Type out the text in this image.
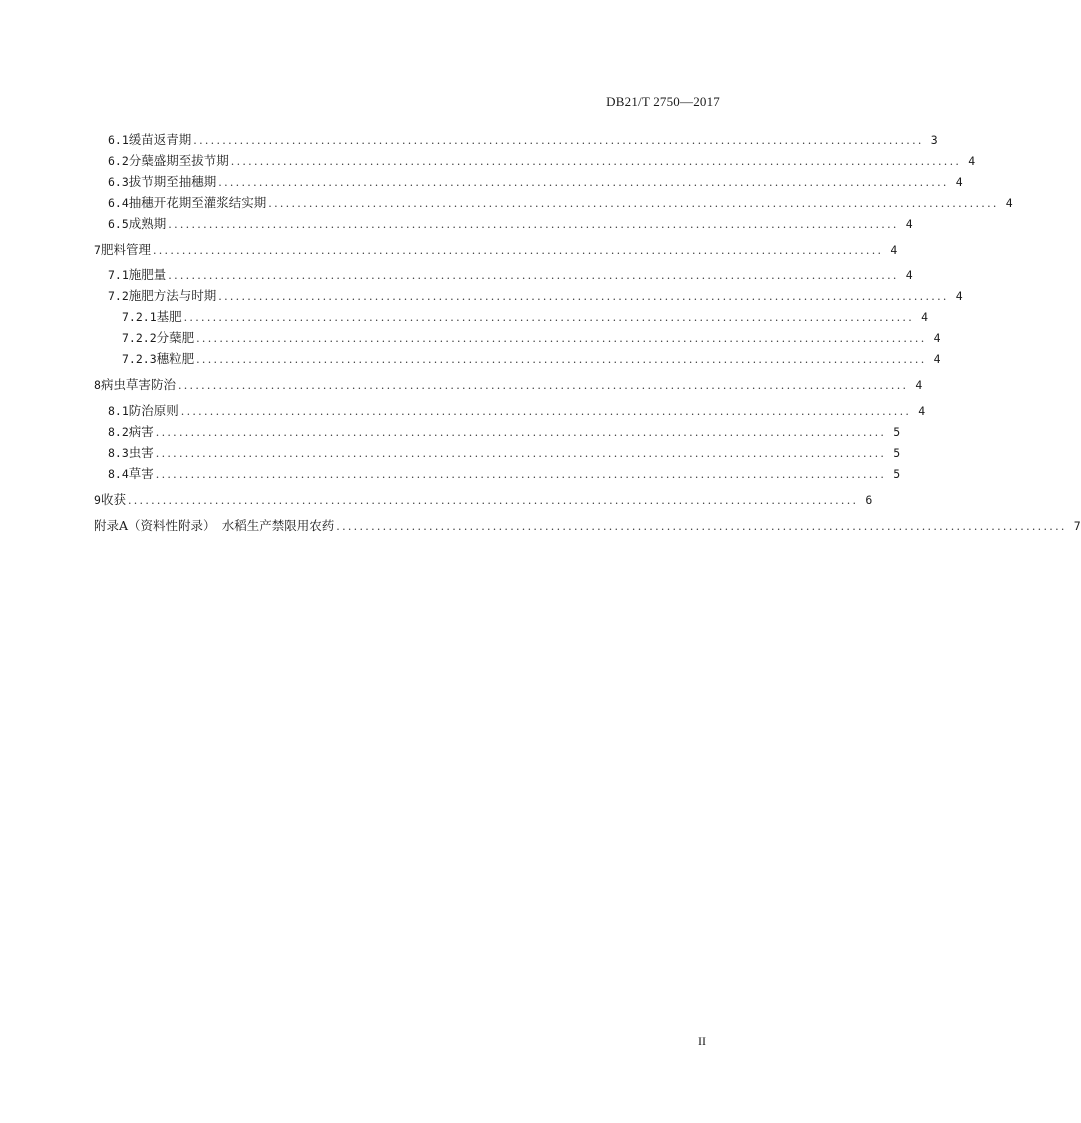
DB21/T 2750—2017
6.1 缓苗返青期 .............................................................................................................................. 3
6.2 分蘖盛期至拔节期 .............................................................................................................................. 4
6.3 拔节期至抽穗期 .............................................................................................................................. 4
6.4 抽穗开花期至灌浆结实期 .............................................................................................................................. 4
6.5 成熟期 .............................................................................................................................. 4
7 肥料管理 .............................................................................................................................. 4
7.1 施肥量 .............................................................................................................................. 4
7.2 施肥方法与时期 .............................................................................................................................. 4
7.2.1 基肥 .............................................................................................................................. 4
7.2.2 分蘖肥 .............................................................................................................................. 4
7.2.3 穗粒肥 .............................................................................................................................. 4
8 病虫草害防治 .............................................................................................................................. 4
8.1 防治原则 .............................................................................................................................. 4
8.2 病害 .............................................................................................................................. 5
8.3 虫害 .............................................................................................................................. 5
8.4 草害 .............................................................................................................................. 5
9 收获 .............................................................................................................................. 6
附录A （资料性附录）　水稻生产禁限用农药 .............................................................................................................................. 7
II
